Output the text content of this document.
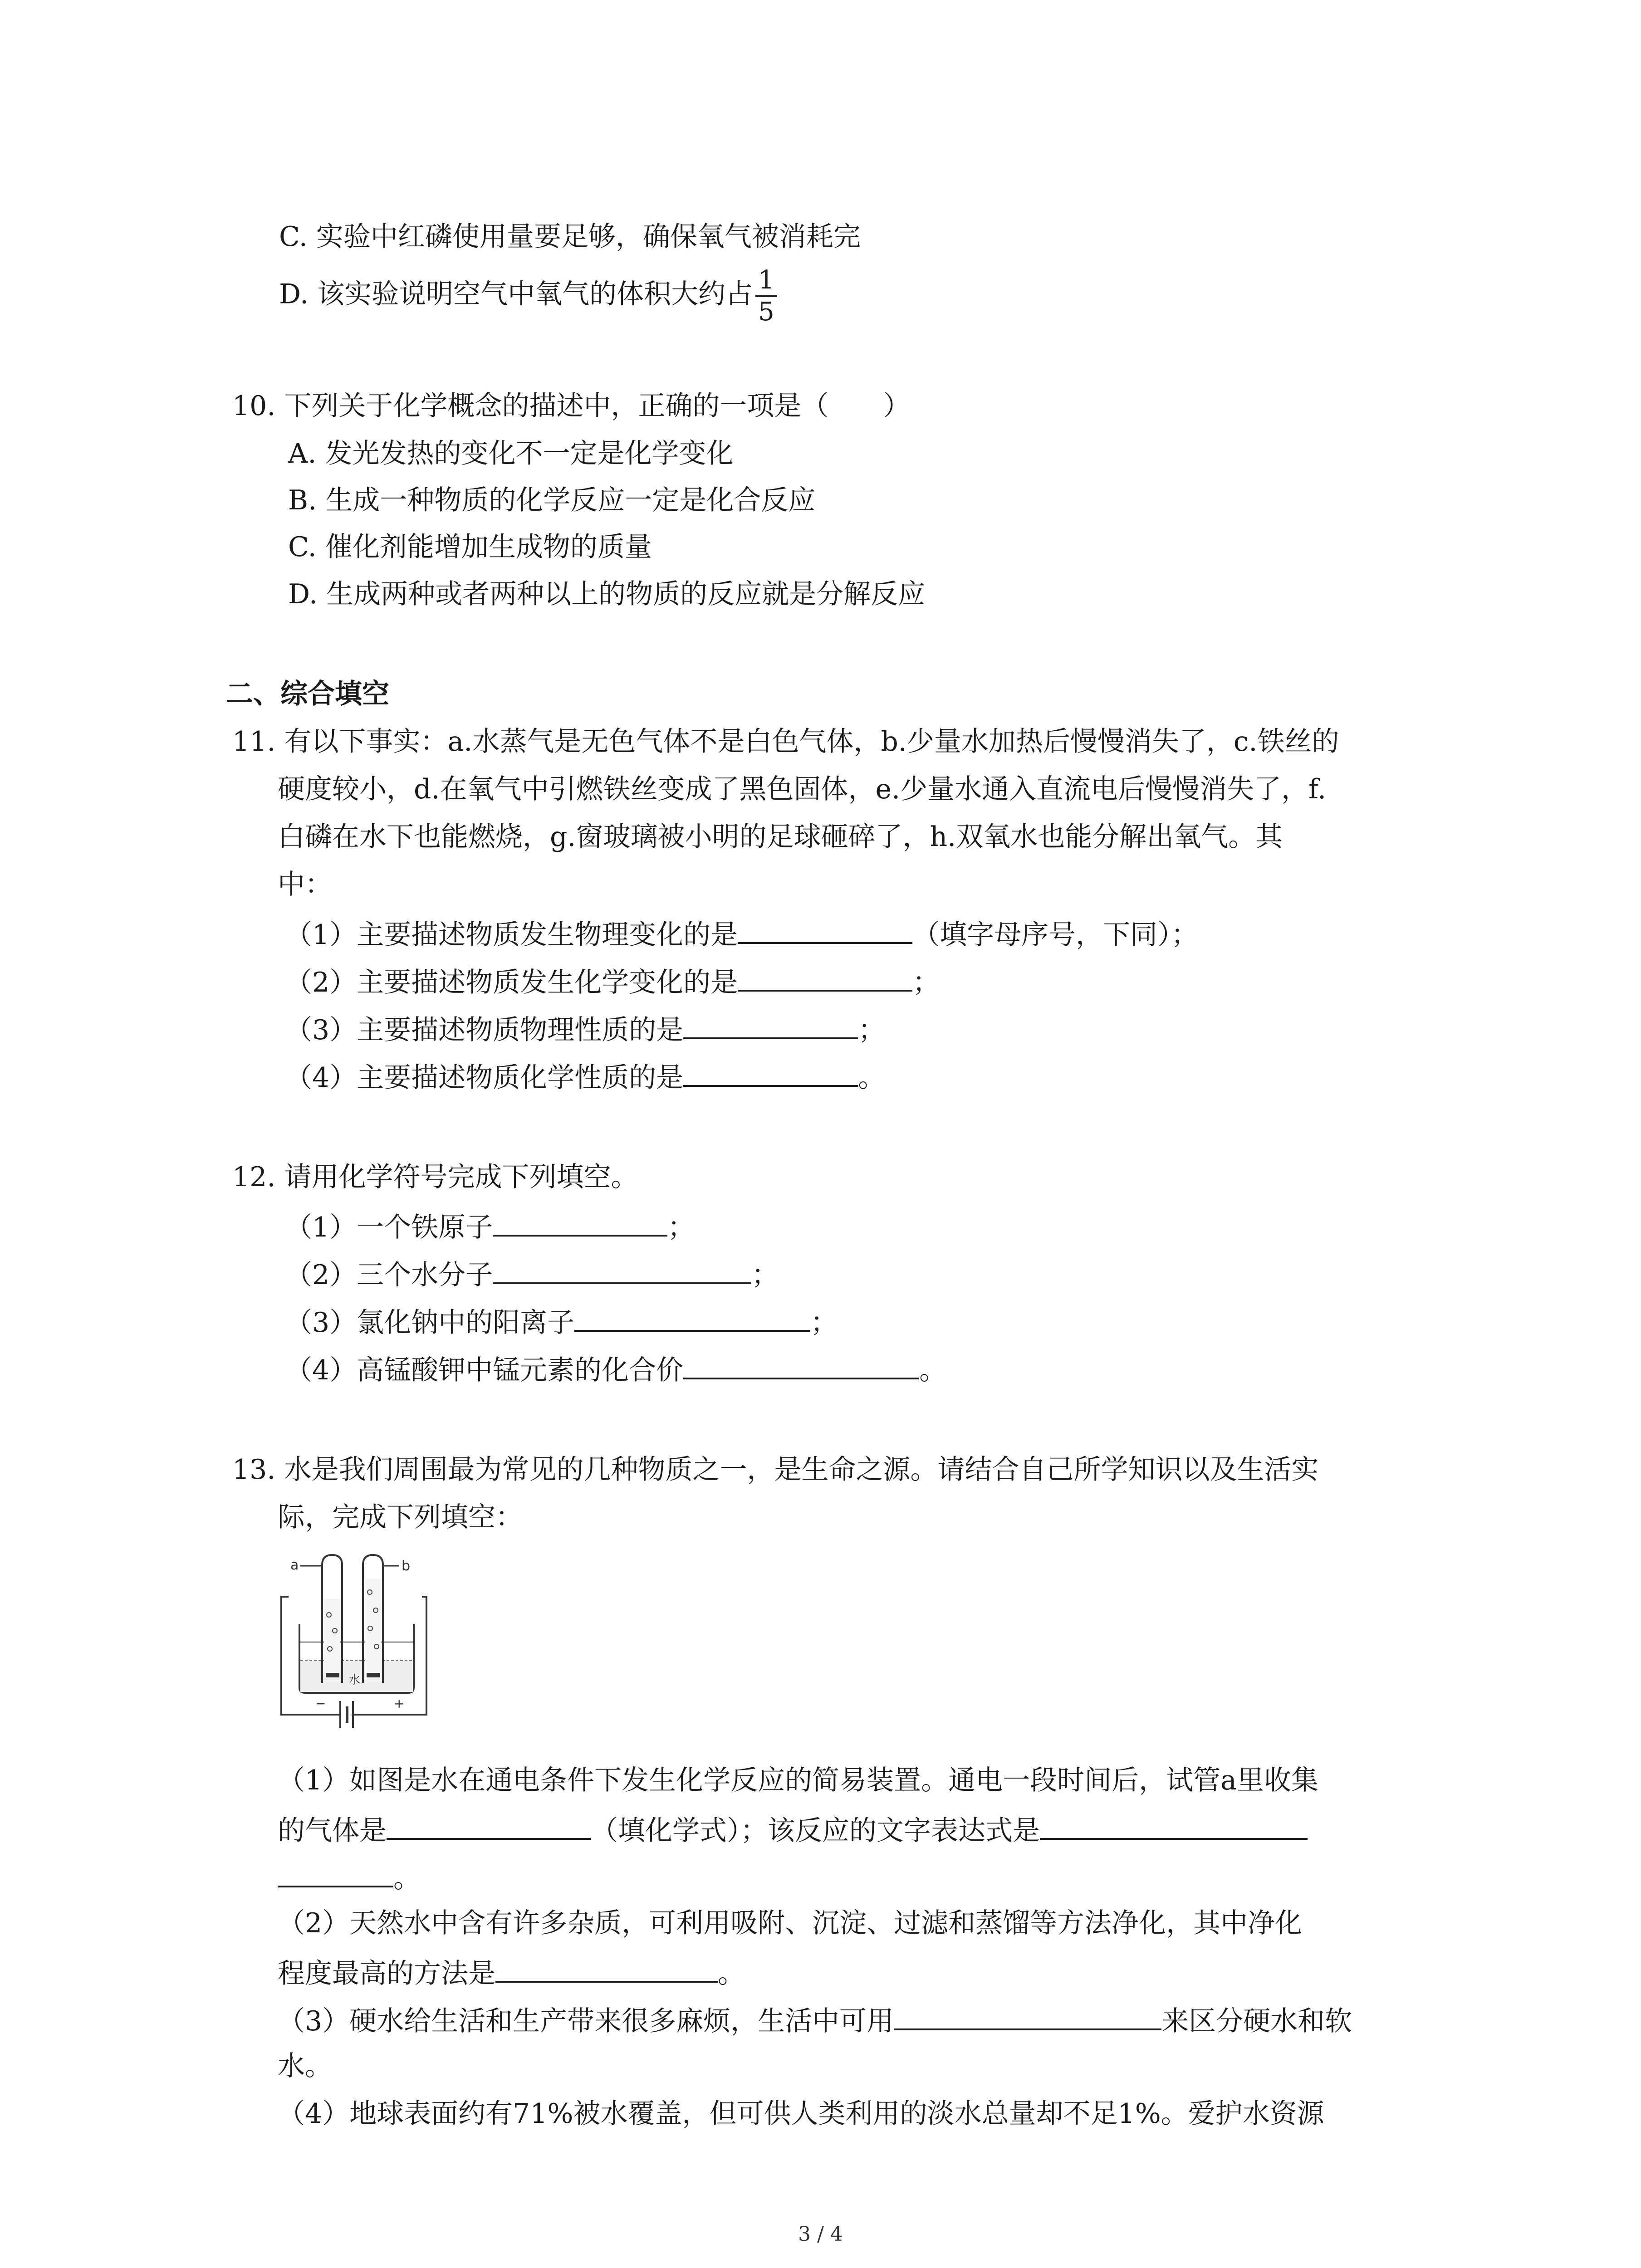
C. 实验中红磷使用量要足够，确保氧气被消耗完
D. 该实验说明空气中氧气的体积大约占 $\frac{1}{5}$
10. 下列关于化学概念的描述中，正确的一项是（　　）
A. 发光发热的变化不一定是化学变化
B. 生成一种物质的化学反应一定是化合反应
C. 催化剂能增加生成物的质量
D. 生成两种或者两种以上的物质的反应就是分解反应
二、综合填空
11. 有以下事实：a.水蒸气是无色气体不是白色气体，b.少量水加热后慢慢消失了，c.铁丝的
硬度较小，d.在氧气中引燃铁丝变成了黑色固体，e.少量水通入直流电后慢慢消失了，f.
白磷在水下也能燃烧，g.窗玻璃被小明的足球砸碎了，h.双氧水也能分解出氧气。其
中：
（1）主要描述物质发生物理变化的是	（填字母序号，下同）；
（2）主要描述物质发生化学变化的是	；
（3）主要描述物质物理性质的是	；
（4）主要描述物质化学性质的是	。
12. 请用化学符号完成下列填空。
（1）一个铁原子	；
（2）三个水分子	；
（3）氯化钠中的阳离子	；
（4）高锰酸钾中锰元素的化合价	。
13. 水是我们周围最为常见的几种物质之一，是生命之源。请结合自己所学知识以及生活实
际，完成下列填空：
−	+
水
a	b
（1）如图是水在通电条件下发生化学反应的简易装置。通电一段时间后，试管a里收集
的气体是	（填化学式）；该反应的文字表达式是
。
（2）天然水中含有许多杂质，可利用吸附、沉淀、过滤和蒸馏等方法净化，其中净化
程度最高的方法是	。
（3）硬水给生活和生产带来很多麻烦，生活中可用	来区分硬水和软
水。
（4）地球表面约有71%被水覆盖，但可供人类利用的淡水总量却不足1%。爱护水资源
3 / 4
